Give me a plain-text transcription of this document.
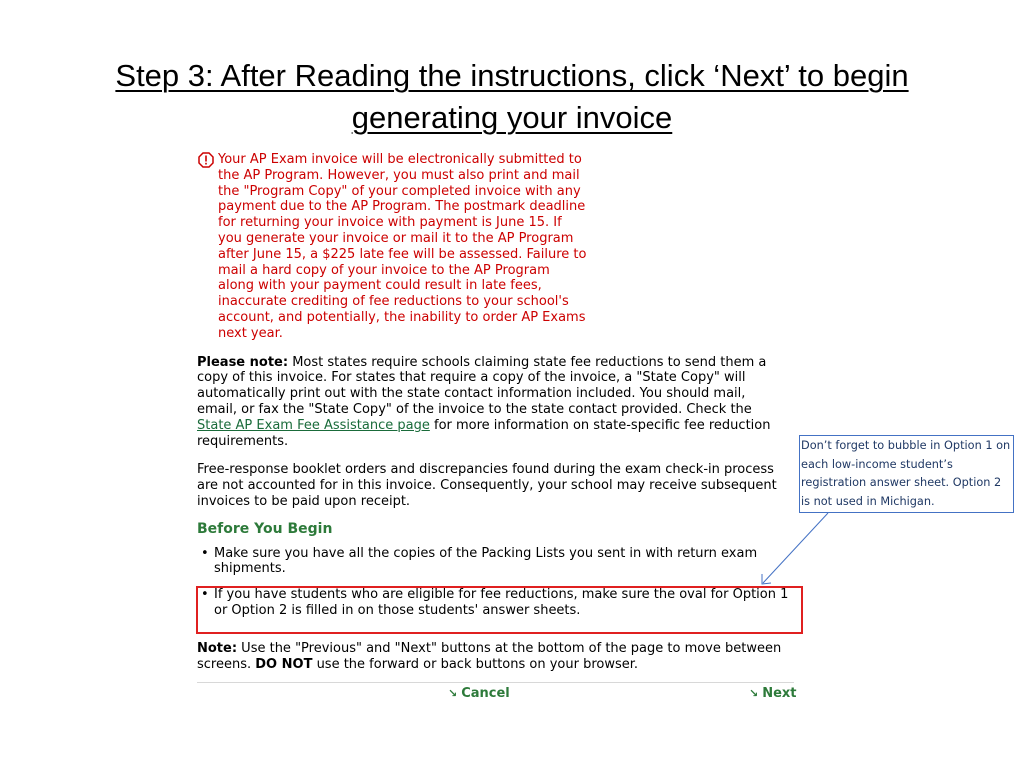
Step 3: After Reading the instructions, click ‘Next’ to begin generating your invoice

Your AP Exam invoice will be electronically submitted to the AP Program. However, you must also print and mail the "Program Copy" of your completed invoice with any payment due to the AP Program. The postmark deadline for returning your invoice with payment is June 15. If you generate your invoice or mail it to the AP Program after June 15, a $225 late fee will be assessed. Failure to mail a hard copy of your invoice to the AP Program along with your payment could result in late fees, inaccurate crediting of fee reductions to your school's account, and potentially, the inability to order AP Exams next year.

Please note: Most states require schools claiming state fee reductions to send them a copy of this invoice. For states that require a copy of the invoice, a "State Copy" will automatically print out with the state contact information included. You should mail, email, or fax the "State Copy" of the invoice to the state contact provided. Check the State AP Exam Fee Assistance page for more information on state-specific fee reduction requirements.

Free-response booklet orders and discrepancies found during the exam check-in process are not accounted for in this invoice. Consequently, your school may receive subsequent invoices to be paid upon receipt.

Before You Begin
• Make sure you have all the copies of the Packing Lists you sent in with return exam shipments.
• If you have students who are eligible for fee reductions, make sure the oval for Option 1 or Option 2 is filled in on those students' answer sheets.

Note: Use the "Previous" and "Next" buttons at the bottom of the page to move between screens. DO NOT use the forward or back buttons on your browser.

↘ Cancel	↘ Next
Don’t forget to bubble in Option 1 on each low-income student’s registration answer sheet. Option 2 is not used in Michigan.
